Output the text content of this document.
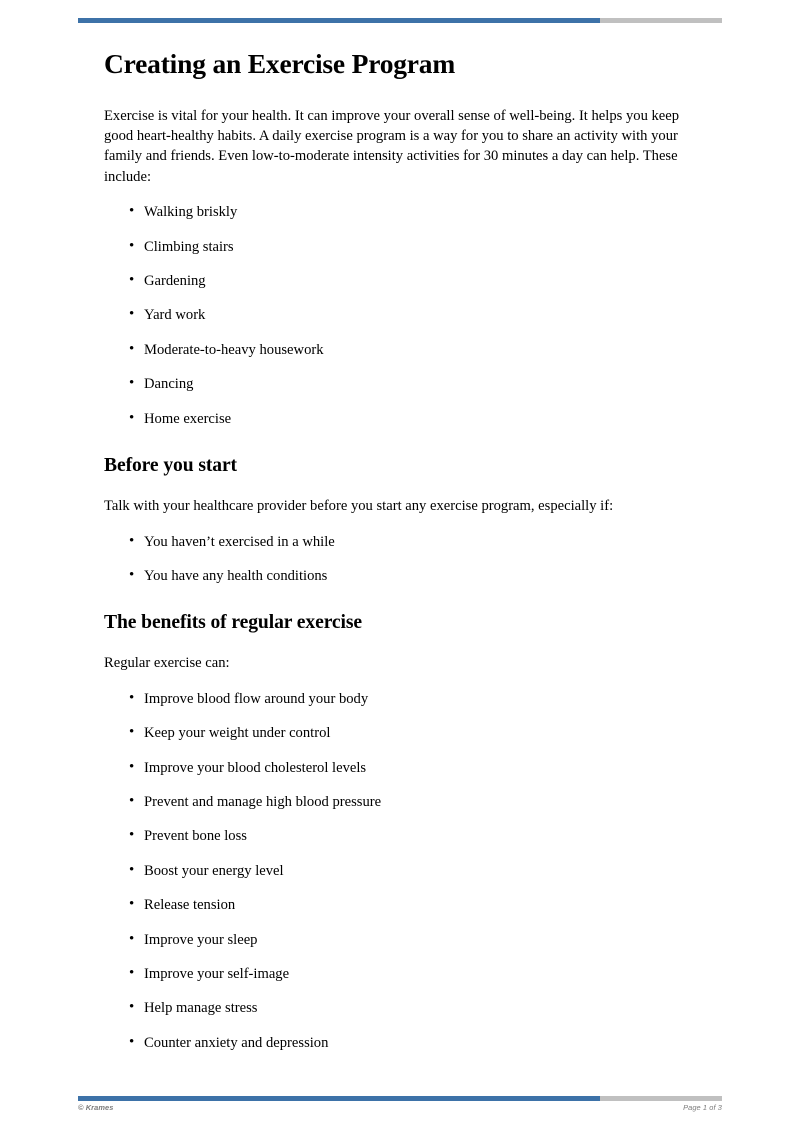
Creating an Exercise Program

Exercise is vital for your health. It can improve your overall sense of well-being. It helps you keep good heart-healthy habits. A daily exercise program is a way for you to share an activity with your family and friends. Even low-to-moderate intensity activities for 30 minutes a day can help. These include:

• Walking briskly
• Climbing stairs
• Gardening
• Yard work
• Moderate-to-heavy housework
• Dancing
• Home exercise
Before you start

Talk with your healthcare provider before you start any exercise program, especially if:

• You haven’t exercised in a while
• You have any health conditions
The benefits of regular exercise

Regular exercise can:

• Improve blood flow around your body
• Keep your weight under control
• Improve your blood cholesterol levels
• Prevent and manage high blood pressure
• Prevent bone loss
• Boost your energy level
• Release tension
• Improve your sleep
• Improve your self-image
• Help manage stress
• Counter anxiety and depression
© Krames	Page 1 of 3
